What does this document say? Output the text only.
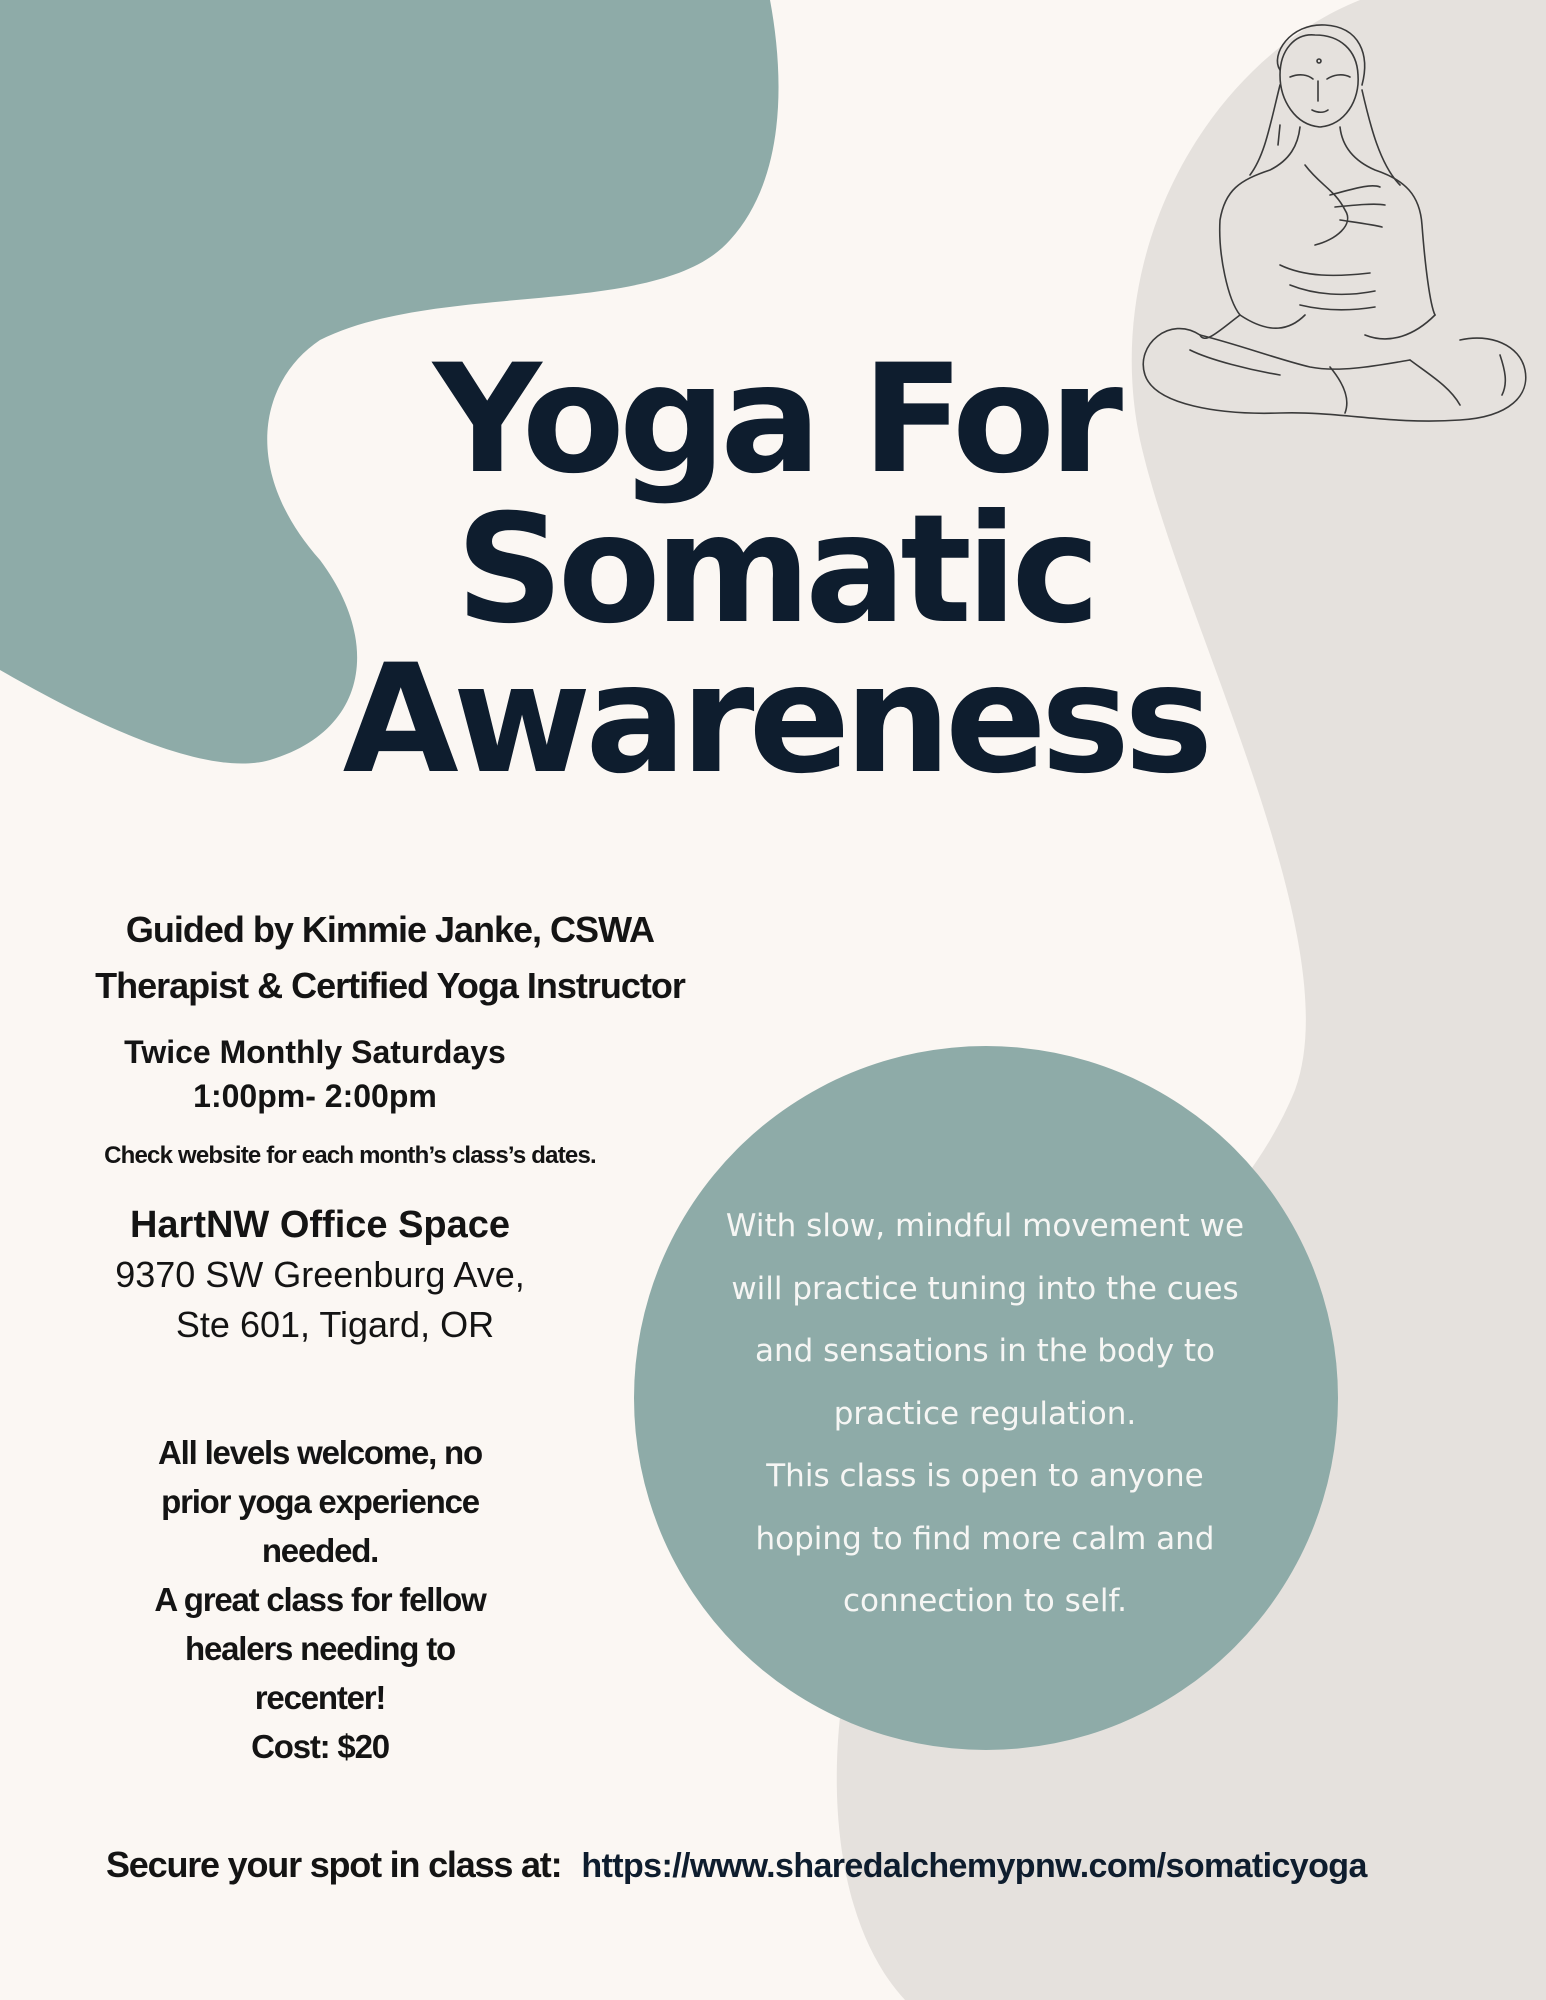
Yoga For
Somatic
Awareness
Guided by Kimmie Janke, CSWA
Therapist & Certified Yoga Instructor
Twice Monthly Saturdays
1:00pm- 2:00pm
Check website for each month’s class’s dates.
HartNW Office Space
9370 SW Greenburg Ave,
Ste 601, Tigard, OR
All levels welcome, no
prior yoga experience
needed.
A great class for fellow
healers needing to
recenter!
Cost: $20
With slow, mindful movement we
will practice tuning into the cues
and sensations in the body to
practice regulation.
This class is open to anyone
hoping to find more calm and
connection to self.
Secure your spot in class at: https://www.sharedalchemypnw.com/somaticyoga
